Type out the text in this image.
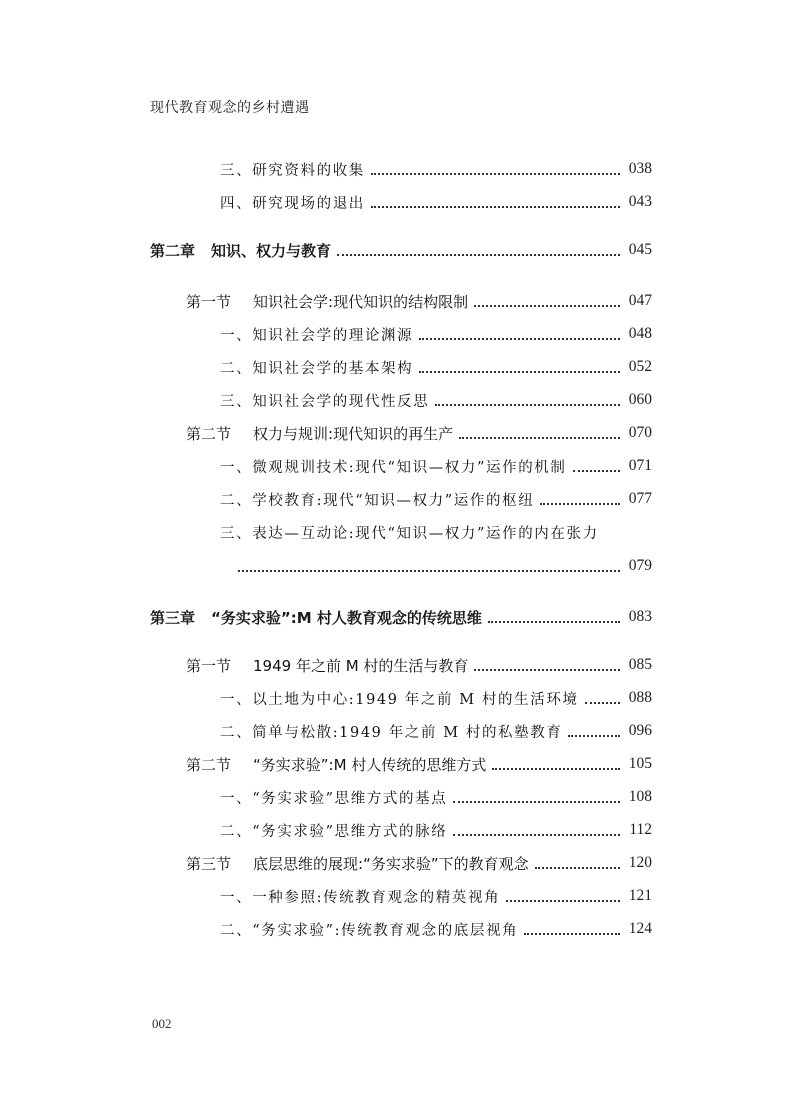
现代教育观念的乡村遭遇
三、研究资料的收集	038
四、研究现场的退出	043
第二章	知识、权力与教育	045
第一节	知识社会学:现代知识的结构限制	047
一、知识社会学的理论渊源	048
二、知识社会学的基本架构	052
三、知识社会学的现代性反思	060
第二节	权力与规训:现代知识的再生产	070
一、微观规训技术:现代“知识—权力”运作的机制	071
二、学校教育:现代“知识—权力”运作的枢纽	077
三、表达—互动论:现代“知识—权力”运作的内在张力
079
第三章	“务实求验”:M 村人教育观念的传统思维	083
第一节	1949 年之前 M 村的生活与教育	085
一、以土地为中心:1949 年之前 M 村的生活环境	088
二、简单与松散:1949 年之前 M 村的私塾教育	096
第二节	“务实求验”:M 村人传统的思维方式	105
一、“务实求验”思维方式的基点	108
二、“务实求验”思维方式的脉络	112
第三节	底层思维的展现:“务实求验”下的教育观念	120
一、一种参照:传统教育观念的精英视角	121
二、“务实求验”:传统教育观念的底层视角	124
002
